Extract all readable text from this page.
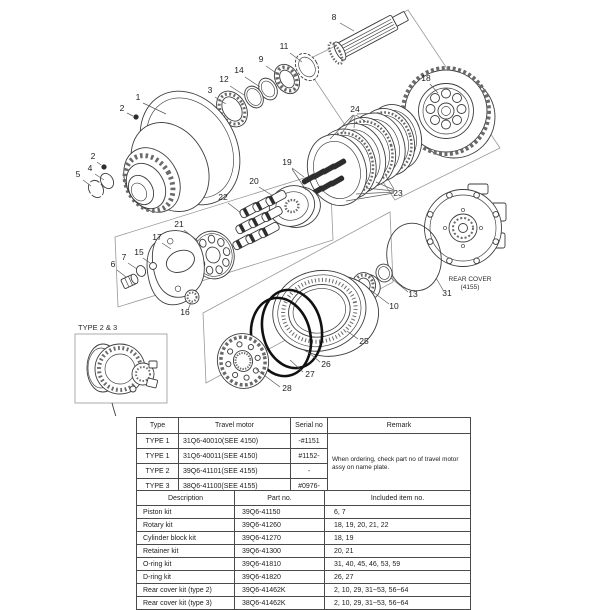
REAR COVER
(4155)
TYPE 2 & 3
1
2
2
3
4
5
6
7
8
9
10
11
12
13
14
15
16
17
18
19
20
21
22	23
24
25
26
27
28
31
Type	Travel motor	Serial no	Remark
TYPE 1	31Q6-40010(SEE 4150)	-#1151	When ordering, check part no of travel motor assy on name plate.
TYPE 1	31Q6-40011(SEE 4150)	#1152-	
TYPE 2	39Q6-41101(SEE 4155)	-	
TYPE 3	38Q6-41100(SEE 4155)	#0976-	
Description	Part no.	Included item no.
Piston kit	39Q6-41150	6, 7
Rotary kit	39Q6-41260	18, 19, 20, 21, 22
Cylinder block kit	39Q6-41270	18, 19
Retainer kit	39Q6-41300	20, 21
O-ring kit	39Q6-41810	31, 40, 45, 46, 53, 59
D-ring kit	39Q6-41820	26, 27
Rear cover kit (type 2)	39Q6-41462K	2, 10, 29, 31~53, 56~64
Rear cover kit (type 3)	38Q6-41462K	2, 10, 29, 31~53, 56~64
